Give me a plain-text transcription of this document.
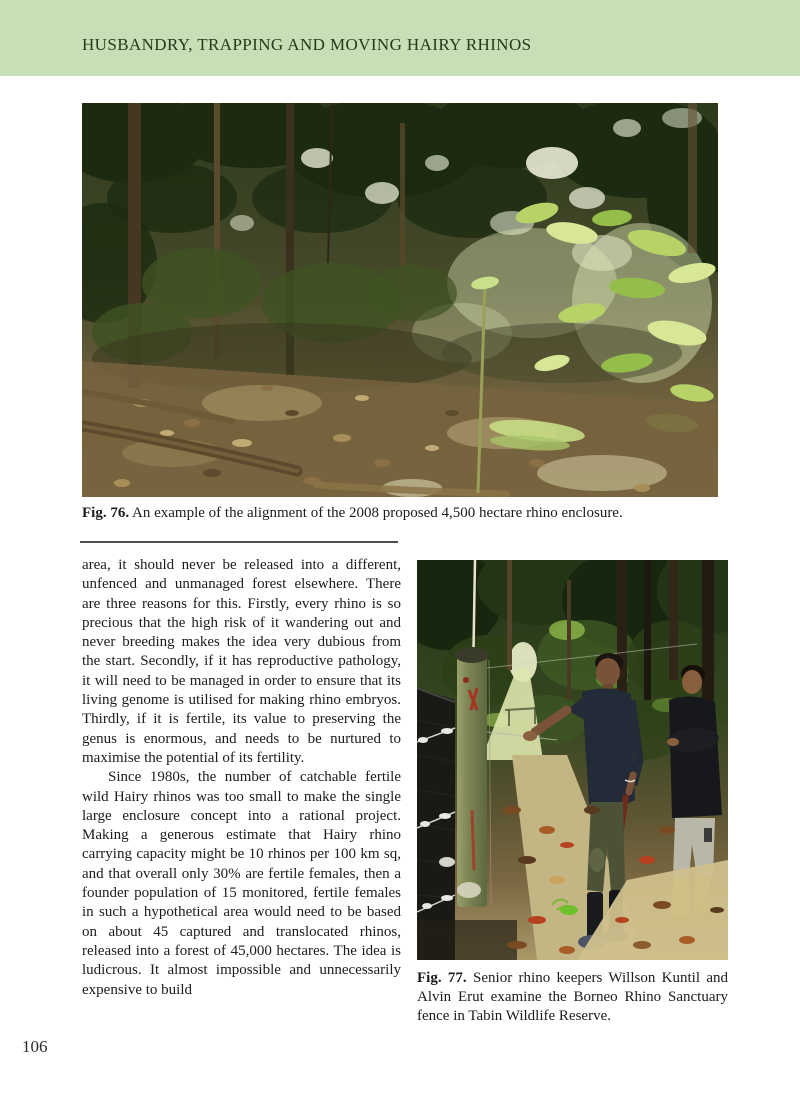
HUSBANDRY, TRAPPING AND MOVING HAIRY RHINOS

Fig. 76. An example of the alignment of the 2008 proposed 4,500 hectare rhino enclosure.

area, it should never be released into a different, unfenced and unmanaged forest elsewhere. There are three reasons for this. Firstly, every rhino is so precious that the high risk of it wandering out and never breeding makes the idea very dubious from the start. Secondly, if it has reproductive pathology, it will need to be managed in order to ensure that its living genome is utilised for making rhino embryos. Thirdly, if it is fertile, its value to preserving the genus is enormous, and needs to be nurtured to maximise the potential of its fertility.

Since 1980s, the number of catchable fertile wild Hairy rhinos was too small to make the single large enclosure concept into a rational project. Making a generous estimate that Hairy rhino carrying capacity might be 10 rhinos per 100 km sq, and that overall only 30% are fertile females, then a founder population of 15 monitored, fertile females in such a hypothetical area would need to be based on about 45 captured and translocated rhinos, released into a forest of 45,000 hectares. The idea is ludicrous. It almost impossible and unnecessarily expensive to build

Fig. 77. Senior rhino keepers Willson Kuntil and Alvin Erut examine the Borneo Rhino Sanctuary fence in Tabin Wildlife Reserve.

106
